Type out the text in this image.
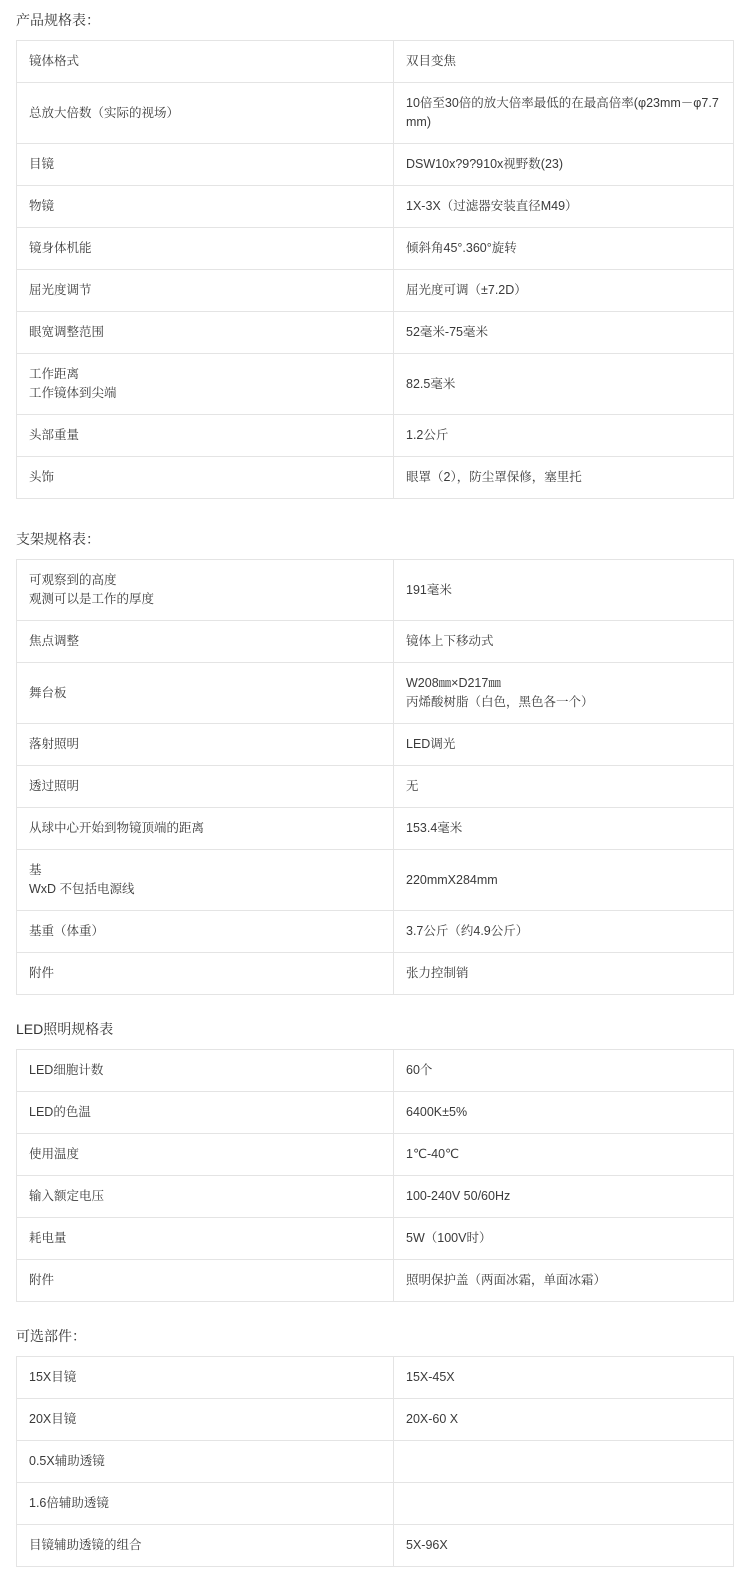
产品规格表：
镜体格式	双目变焦

总放大倍数（实际的视场）	10倍至30倍的放大倍率最低的在最高倍率(φ23mm－φ7.7
mm)

目镜	DSW10x?9?910x视野数(23)

物镜	1X-3X（过滤器安装直径M49）

镜身体机能	倾斜角45°.360°旋转

屈光度调节	屈光度可调（±7.2D）

眼宽调整范围	52毫米-75毫米

工作距离
工作镜体到尖端	82.5毫米

头部重量	1.2公斤

头饰	眼罩（2），防尘罩保修，塞里托
支架规格表：
可观察到的高度
观测可以是工作的厚度	191毫米

焦点调整	镜体上下移动式

舞台板	W208㎜×D217㎜
丙烯酸树脂（白色，黑色各一个）

落射照明	LED调光

透过照明	无

从球中心开始到物镜顶端的距离	153.4毫米

基
WxD 不包括电源线	220mmX284mm

基重（体重）	3.7公斤（约4.9公斤）

附件	张力控制销
LED照明规格表
LED细胞计数	60个

LED的色温	6400K±5%

使用温度	1℃-40℃

输入额定电压	100-240V 50/60Hz

耗电量	5W（100V时）

附件	照明保护盖（两面冰霜，单面冰霜）
可选部件：
15X目镜	15X-45X

20X目镜	20X-60 X

0.5X辅助透镜	

1.6倍辅助透镜	

目镜辅助透镜的组合	5X-96X
